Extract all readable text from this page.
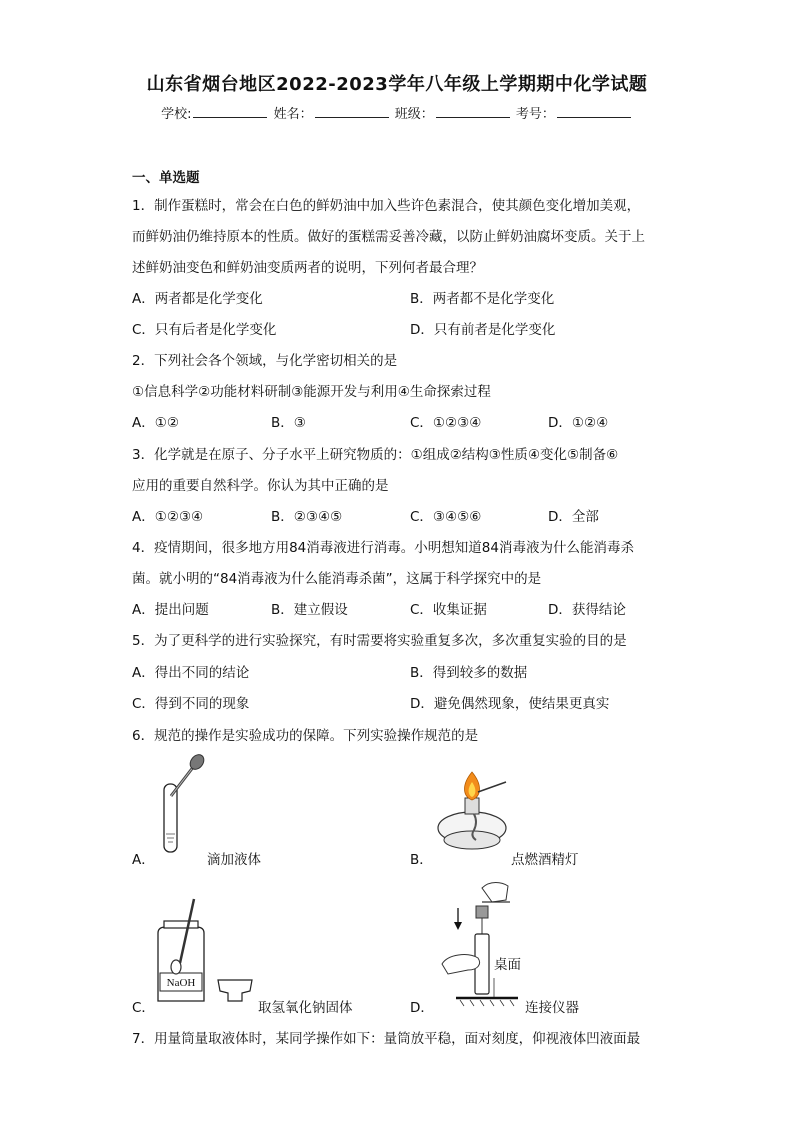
山东省烟台地区2022-2023学年八年级上学期期中化学试题
学校:	姓名：	班级：	考号：
一、单选题
1．制作蛋糕时，常会在白色的鲜奶油中加入些许色素混合，使其颜色变化增加美观，
而鲜奶油仍维持原本的性质。做好的蛋糕需妥善冷藏，以防止鲜奶油腐坏变质。关于上
述鲜奶油变色和鲜奶油变质两者的说明，下列何者最合理？
A．两者都是化学变化	B．两者都不是化学变化
C．只有后者是化学变化	D．只有前者是化学变化
2．下列社会各个领域，与化学密切相关的是
①信息科学②功能材料研制③能源开发与利用④生命探索过程
A．①②	B．③	C．①②③④	D．①②④
3．化学就是在原子、分子水平上研究物质的：①组成②结构③性质④变化⑤制备⑥
应用的重要自然科学。你认为其中正确的是
A．①②③④	B．②③④⑤	C．③④⑤⑥	D．全部
4．疫情期间，很多地方用84消毒液进行消毒。小明想知道84消毒液为什么能消毒杀
菌。就小明的“84消毒液为什么能消毒杀菌”，这属于科学探究中的是
A．提出问题	B．建立假设	C．收集证据	D．获得结论
5．为了更科学的进行实验探究，有时需要将实验重复多次，多次重复实验的目的是
A．得出不同的结论	B．得到较多的数据
C．得到不同的现象	D．避免偶然现象，使结果更真实
6．规范的操作是实验成功的保障。下列实验操作规范的是
A．	滴加液体	B．	点燃酒精灯
NaOH
C．	取氢氧化钠固体
桌面
D．	连接仪器
7．用量筒量取液体时，某同学操作如下：量筒放平稳，面对刻度，仰视液体凹液面最
